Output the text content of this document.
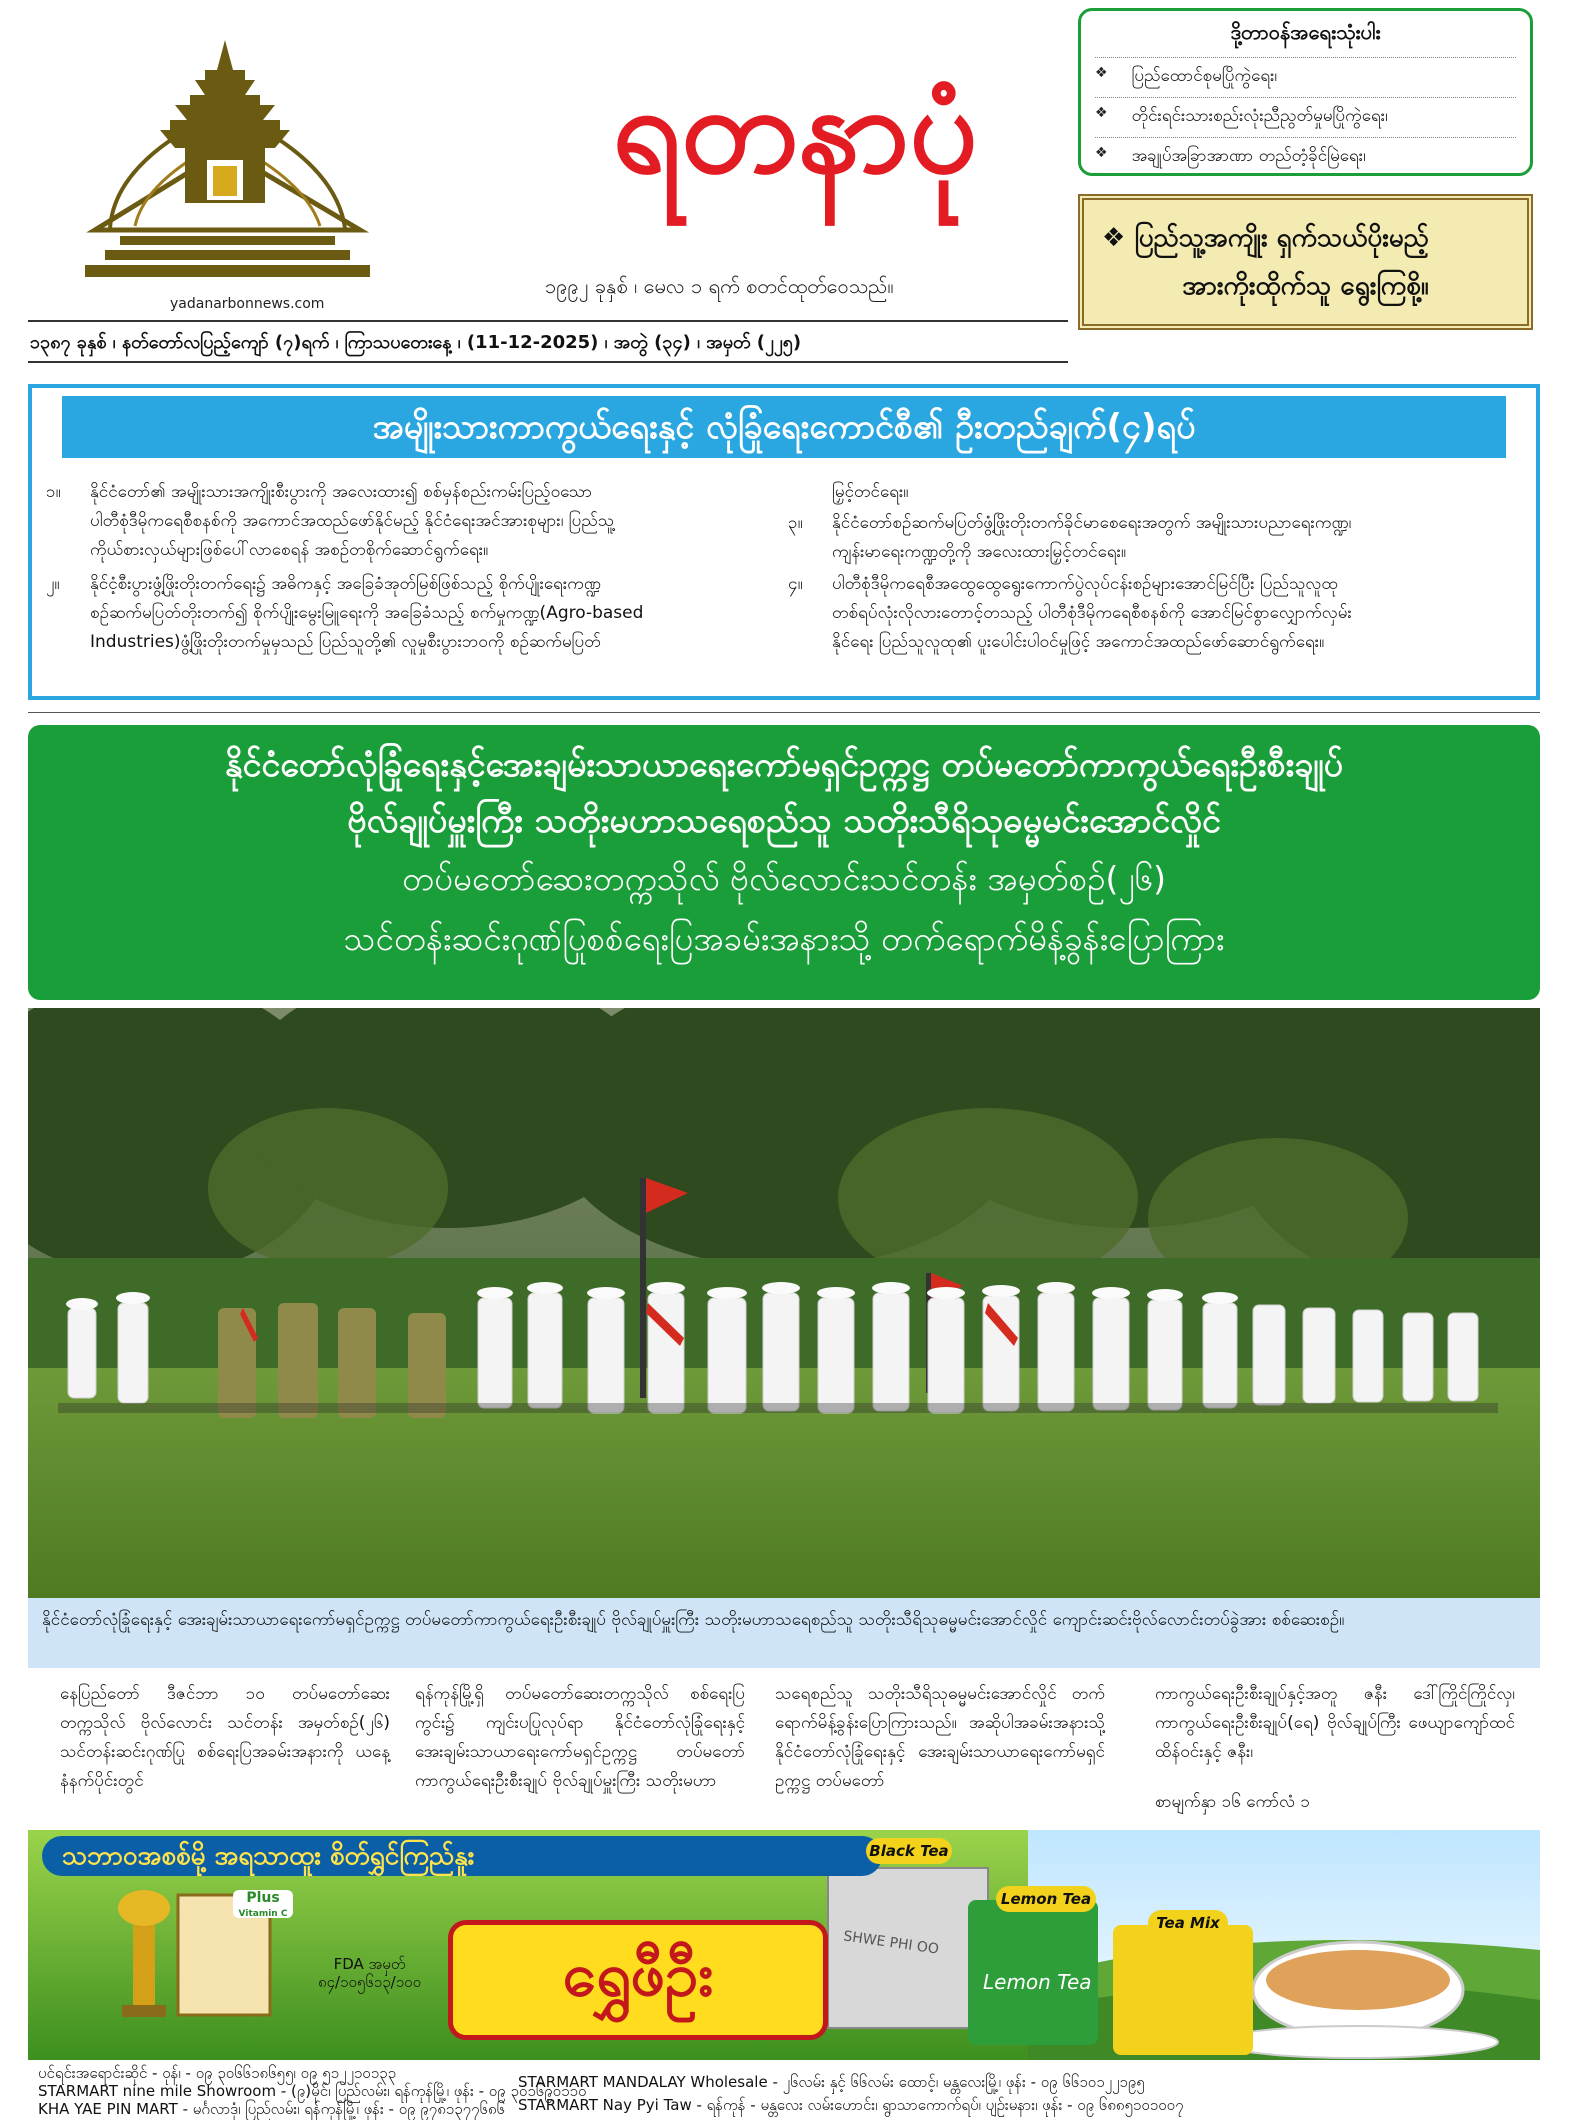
ရတနာပုံ
yadanarbonnews.com
၁၉၉၂ ခုနှစ် ၊ မေလ ၁ ရက် စတင်ထုတ်ဝေသည်။
၁၃၈၇ ခုနှစ် ၊ နတ်တော်လပြည့်ကျော် (၇)ရက် ၊ ကြာသပတေးနေ့ ၊ (11-12-2025) ၊ အတွဲ (၃၄) ၊ အမှတ် (၂၂၅)
ဒို့တာဝန်အရေးသုံးပါး
❖ ပြည်ထောင်စုမပြိုကွဲရေး၊
❖ တိုင်းရင်းသားစည်းလုံးညီညွတ်မှုမပြိုကွဲရေး၊
❖ အချုပ်အခြာအာဏာ တည်တံ့ခိုင်မြဲရေး၊
❖ ပြည်သူ့အကျိုး ရှက်သယ်ပိုးမည့်
အားကိုးထိုက်သူ ရွေးကြစို့။
အမျိုးသားကာကွယ်ရေးနှင့် လုံခြုံရေးကောင်စီ၏ ဦးတည်ချက်(၄)ရပ်
၁။ နိုင်ငံတော်၏ အမျိုးသားအကျိုးစီးပွားကို အလေးထား၍ စစ်မှန်စည်းကမ်းပြည့်ဝသော
ပါတီစုံဒီမိုကရေစီစနစ်ကို အကောင်အထည်ဖော်နိုင်မည့် နိုင်ငံရေးအင်အားစုများ၊ ပြည်သူ့
ကိုယ်စားလှယ်များဖြစ်ပေါ်လာစေရန် အစဉ်တစိုက်ဆောင်ရွက်ရေး။
၂။ နိုင်ငံ့စီးပွားဖွံ့ဖြိုးတိုးတက်ရေး၌ အဓိကနှင့် အခြေခံအုတ်မြစ်ဖြစ်သည့် စိုက်ပျိုးရေးကဏ္ဍ
စဉ်ဆက်မပြတ်တိုးတက်၍ စိုက်ပျိုးမွေးမြူရေးကို အခြေခံသည့် စက်မှုကဏ္ဍ(Agro-based
Industries)ဖွံ့ဖြိုးတိုးတက်မှုမှသည် ပြည်သူတို့၏ လူမှုစီးပွားဘဝကို စဉ်ဆက်မပြတ်
မြှင့်တင်ရေး။
၃။ နိုင်ငံတော်စဉ်ဆက်မပြတ်ဖွံ့ဖြိုးတိုးတက်ခိုင်မာစေရေးအတွက် အမျိုးသားပညာရေးကဏ္ဍ၊
ကျန်းမာရေးကဏ္ဍတို့ကို အလေးထားမြှင့်တင်ရေး။
၄။ ပါတီစုံဒီမိုကရေစီအထွေထွေရွေးကောက်ပွဲလုပ်ငန်းစဉ်များအောင်မြင်ပြီး ပြည်သူလူထု
တစ်ရပ်လုံးလိုလားတောင့်တသည့် ပါတီစုံဒီမိုကရေစီစနစ်ကို အောင်မြင်စွာလျှောက်လှမ်း
နိုင်ရေး ပြည်သူလူထု၏ ပူးပေါင်းပါဝင်မှုဖြင့် အကောင်အထည်ဖော်ဆောင်ရွက်ရေး။
နိုင်ငံတော်လုံခြုံရေးနှင့်အေးချမ်းသာယာရေးကော်မရှင်ဥက္ကဋ္ဌ တပ်မတော်ကာကွယ်ရေးဦးစီးချုပ်
ဗိုလ်ချုပ်မှူးကြီး သတိုးမဟာသရေစည်သူ သတိုးသီရိသုဓမ္မမင်းအောင်လှိုင်
တပ်မတော်ဆေးတက္ကသိုလ် ဗိုလ်လောင်းသင်တန်း အမှတ်စဉ်(၂၆)
သင်တန်းဆင်းဂုဏ်ပြုစစ်ရေးပြအခမ်းအနားသို့ တက်ရောက်မိန့်ခွန်းပြောကြား
နိုင်ငံတော်လုံခြုံရေးနှင့် အေးချမ်းသာယာရေးကော်မရှင်ဥက္ကဋ္ဌ တပ်မတော်ကာကွယ်ရေးဦးစီးချုပ် ဗိုလ်ချုပ်မှူးကြီး သတိုးမဟာသရေစည်သူ သတိုးသီရိသုဓမ္မမင်းအောင်လှိုင် ကျောင်းဆင်းဗိုလ်လောင်းတပ်ခွဲအား စစ်ဆေးစဉ်။
နေပြည်တော် ဒီဇင်ဘာ ၁၀ တပ်မတော်ဆေးတက္ကသိုလ် ဗိုလ်လောင်း သင်တန်း အမှတ်စဉ်(၂၆) သင်တန်းဆင်းဂုဏ်ပြု စစ်ရေးပြအခမ်းအနားကို ယနေ့နံနက်ပိုင်းတွင်
ရန်ကုန်မြို့ရှိ တပ်မတော်ဆေးတက္ကသိုလ် စစ်ရေးပြ ကွင်း၌ ကျင်းပပြုလုပ်ရာ နိုင်ငံတော်လုံခြုံရေးနှင့် အေးချမ်းသာယာရေးကော်မရှင်ဥက္ကဋ္ဌ တပ်မတော် ကာကွယ်ရေးဦးစီးချုပ် ဗိုလ်ချုပ်မှူးကြီး သတိုးမဟာ
သရေစည်သူ သတိုးသီရိသုဓမ္မမင်းအောင်လှိုင် တက် ရောက်မိန့်ခွန်းပြောကြားသည်။ အဆိုပါအခမ်းအနားသို့ နိုင်ငံတော်လုံခြုံရေးနှင့် အေးချမ်းသာယာရေးကော်မရှင်ဥက္ကဋ္ဌ တပ်မတော်
ကာကွယ်ရေးဦးစီးချုပ်နှင့်အတူ ဇနီး ဒေါ်ကြိုင်ကြိုင်လှ၊ ကာကွယ်ရေးဦးစီးချုပ်(ရေ) ဗိုလ်ချုပ်ကြီး ဖေယျာကျော်ထင်ထိန်ဝင်းနှင့် ဇနီး၊
စာမျက်နှာ ၁၆ ကော်လံ ၁
သဘာဝအစစ်မို့ အရသာထူး စိတ်ရွှင်ကြည်နူး
Plus
Vitamin C
FDA အမှတ်
၈၄/၁၀၅၆၁၃/၁၀၀	ရွှေဖီဦး
Black Tea
Lemon Tea
Tea Mix
SHWE PHI OO
Lemon Tea
ပင်ရင်းအရောင်းဆိုင် - ဝုန်၊ - ၀၉ ၃၀၆၆၁၈၆၅၅၊ ၀၉ ၅၁၂၂၁၀၁၃၃
STARMART nine mile Showroom - (၉)မိုင်၊ ပြည်လမ်း၊ ရန်ကုန်မြို့၊ ဖုန်း - ၀၉ ၃၀၁၆၉၀၁၁၀
KHA YAE PIN MART - မင်္ဂလာဒုံ၊ ပြည်လမ်း၊ ရန်ကုန်မြို့၊ ဖုန်း - ၀၉ ၉၇၈၁၃၇၇၆၈၆
STARMART MANDALAY Wholesale - ၂၆လမ်း နှင့် ၆၆လမ်း ထောင့်၊ မန္တလေးမြို့၊ ဖုန်း - ၀၉ ၆၆၁၀၁၂၂၁၉၅
STARMART Nay Pyi Taw - ရန်ကုန် - မန္တလေး လမ်းဟောင်း၊ ရွာသာကောက်ရပ်၊ ပျဉ်းမနား၊ ဖုန်း - ၀၉ ၆၈၈၅၁၀၁၀၀၇
